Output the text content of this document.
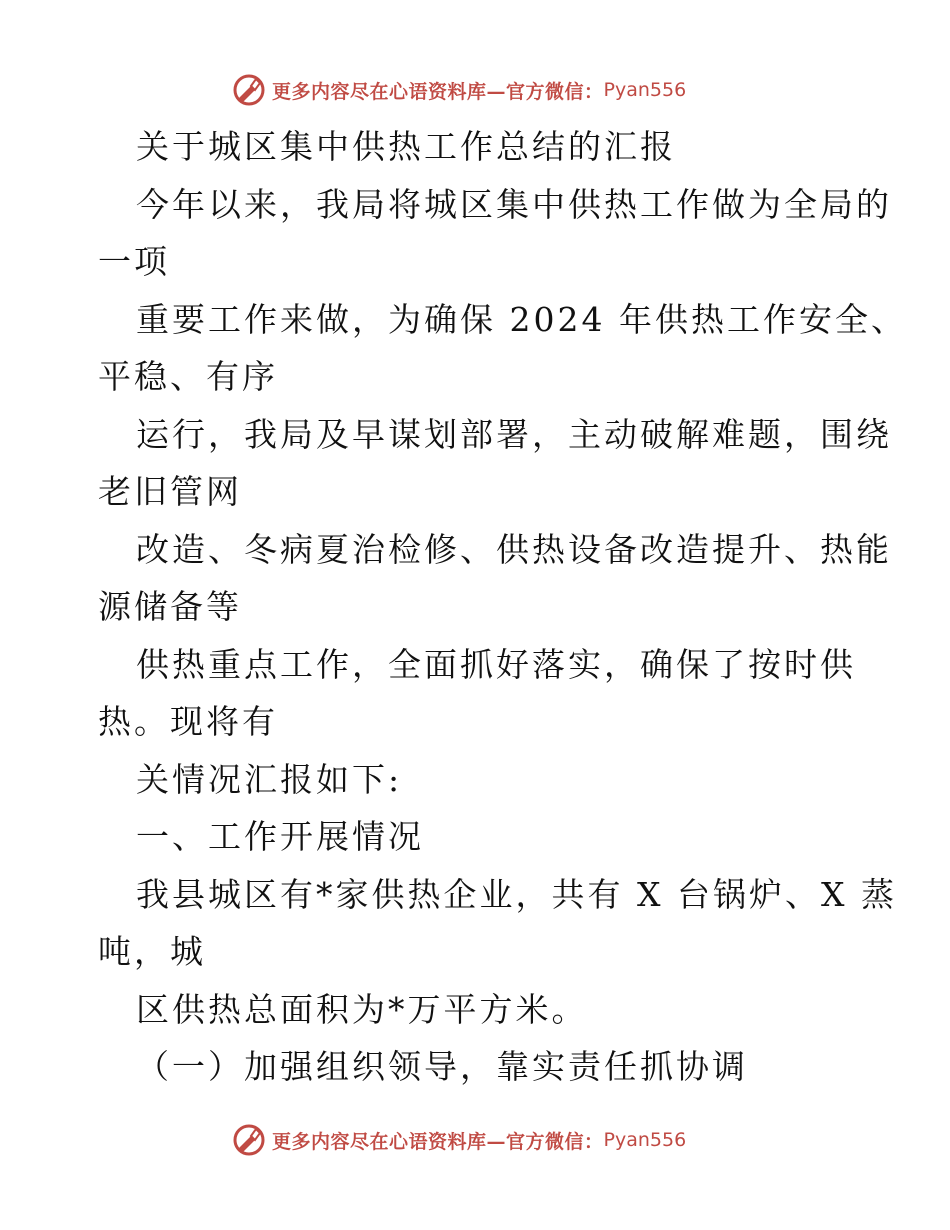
更多内容尽在心语资料库—官方微信： Pyan556
关于城区集中供热工作总结的汇报
今年以来，我局将城区集中供热工作做为全局的
一项
重要工作来做，为确保 2024 年供热工作安全、
平稳、有序
运行，我局及早谋划部署，主动破解难题，围绕
老旧管网
改造、冬病夏治检修、供热设备改造提升、热能
源储备等
供热重点工作，全面抓好落实，确保了按时供
热。现将有
关情况汇报如下:
一、工作开展情况
我县城区有*家供热企业，共有 X 台锅炉、X 蒸
吨，城
区供热总面积为*万平方米。
（一）加强组织领导，靠实责任抓协调
更多内容尽在心语资料库—官方微信： Pyan556
